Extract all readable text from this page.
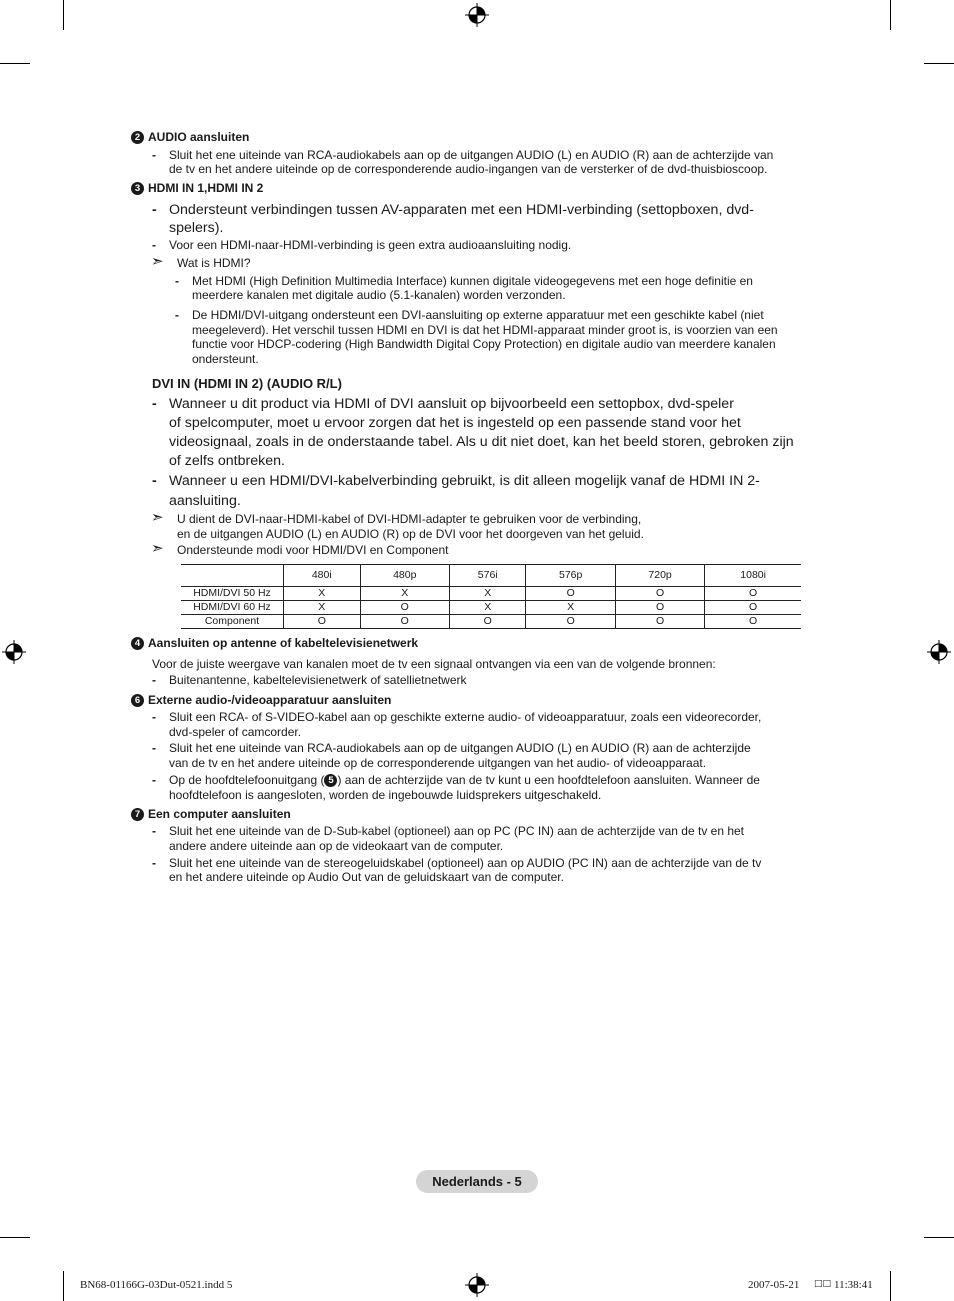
2 AUDIO aansluiten
- Sluit het ene uiteinde van RCA-audiokabels aan op de uitgangen AUDIO (L) en AUDIO (R) aan de achterzijde van
de tv en het andere uiteinde op de corresponderende audio-ingangen van de versterker of de dvd-thuisbioscoop.
3 HDMI IN 1,HDMI IN 2
- Ondersteunt verbindingen tussen AV-apparaten met een HDMI-verbinding (settopboxen, dvd-
spelers).
- Voor een HDMI-naar-HDMI-verbinding is geen extra audioaansluiting nodig.
➣ Wat is HDMI?
- Met HDMI (High Definition Multimedia Interface) kunnen digitale videogegevens met een hoge definitie en
meerdere kanalen met digitale audio (5.1-kanalen) worden verzonden.
- De HDMI/DVI-uitgang ondersteunt een DVI-aansluiting op externe apparatuur met een geschikte kabel (niet
meegeleverd). Het verschil tussen HDMI en DVI is dat het HDMI-apparaat minder groot is, is voorzien van een
functie voor HDCP-codering (High Bandwidth Digital Copy Protection) en digitale audio van meerdere kanalen
ondersteunt.
DVI IN (HDMI IN 2) (AUDIO R/L)
- Wanneer u dit product via HDMI of DVI aansluit op bijvoorbeeld een settopbox, dvd-speler
of spelcomputer, moet u ervoor zorgen dat het is ingesteld op een passende stand voor het
videosignaal, zoals in de onderstaande tabel. Als u dit niet doet, kan het beeld storen, gebroken zijn
of zelfs ontbreken.
- Wanneer u een HDMI/DVI-kabelverbinding gebruikt, is dit alleen mogelijk vanaf de HDMI IN 2-
aansluiting.
➣ U dient de DVI-naar-HDMI-kabel of DVI-HDMI-adapter te gebruiken voor de verbinding,
en de uitgangen AUDIO (L) en AUDIO (R) op de DVI voor het doorgeven van het geluid.
➣ Ondersteunde modi voor HDMI/DVI en Component
	480i	480p	576i	576p	720p	1080i
HDMI/DVI 50 Hz	X	X	X	O	O	O
HDMI/DVI 60 Hz	X	O	X	X	O	O
Component	O	O	O	O	O	O
4 Aansluiten op antenne of kabeltelevisienetwerk
Voor de juiste weergave van kanalen moet de tv een signaal ontvangen via een van de volgende bronnen:
- Buitenantenne, kabeltelevisienetwerk of satellietnetwerk
6 Externe audio-/videoapparatuur aansluiten
- Sluit een RCA- of S-VIDEO-kabel aan op geschikte externe audio- of videoapparatuur, zoals een videorecorder,
dvd-speler of camcorder.
- Sluit het ene uiteinde van RCA-audiokabels aan op de uitgangen AUDIO (L) en AUDIO (R) aan de achterzijde
van de tv en het andere uiteinde op de corresponderende uitgangen van het audio- of videoapparaat.
- Op de hoofdtelefoonuitgang ( 5 ) aan de achterzijde van de tv kunt u een hoofdtelefoon aansluiten. Wanneer de
hoofdtelefoon is aangesloten, worden de ingebouwde luidsprekers uitgeschakeld.
7 Een computer aansluiten
- Sluit het ene uiteinde van de D-Sub-kabel (optioneel) aan op PC (PC IN) aan de achterzijde van de tv en het
andere andere uiteinde aan op de videokaart van de computer.
- Sluit het ene uiteinde van de stereogeluidskabel (optioneel) aan op AUDIO (PC IN) aan de achterzijde van de tv
en het andere uiteinde op Audio Out van de geluidskaart van de computer.
Nederlands - 5
BN68-01166G-03Dut-0521.indd 5	2007-05-21 □□ 11:38:41
